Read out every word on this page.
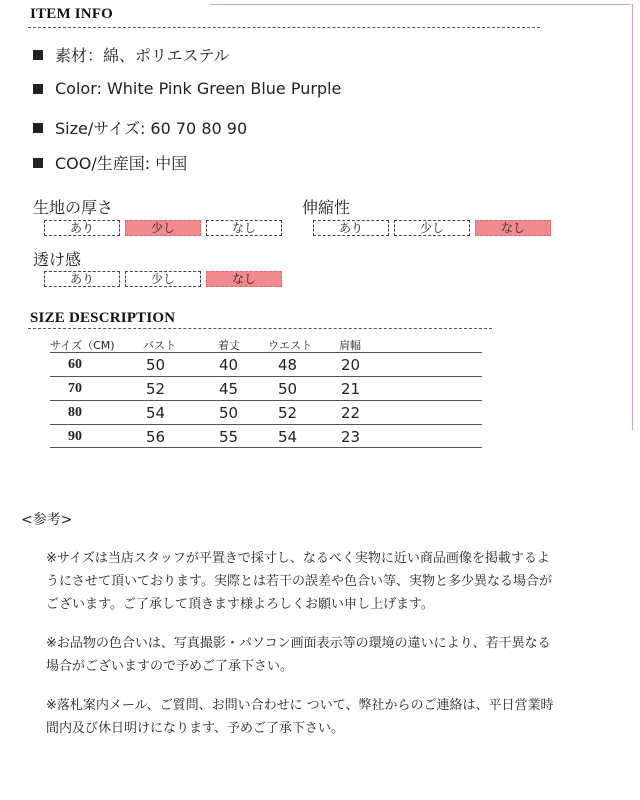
ITEM INFO
素材：綿、ポリエステル
Color: White Pink Green Blue Purple
Size/サイズ: 60 70 80 90
COO/生産国: 中国
生地の厚さ
あり	少し	なし
伸縮性
あり	少し	なし
透け感
あり	少し	なし
SIZE DESCRIPTION
サイズ（CM)	バスト	着丈	ウエスト 肩幅
60	50	40	48	20
70	52	45	50	21
80	54	50	52	22
90	56	55	54	23
<参考>
※サイズは当店スタッフが平置きで採寸し、なるべく実物に近い商品画像を掲載するよ
うにさせて頂いております。実際とは若干の誤差や色合い等、実物と多少異なる場合が
ございます。ご了承して頂きます様よろしくお願い申し上げます。
※お品物の色合いは、写真撮影・パソコン画面表示等の環境の違いにより、若干異なる
場合がございますので予めご了承下さい。
※落札案内メール、ご質問、お問い合わせに ついて、弊社からのご連絡は、平日営業時
間内及び休日明けになります、予めご了承下さい。
